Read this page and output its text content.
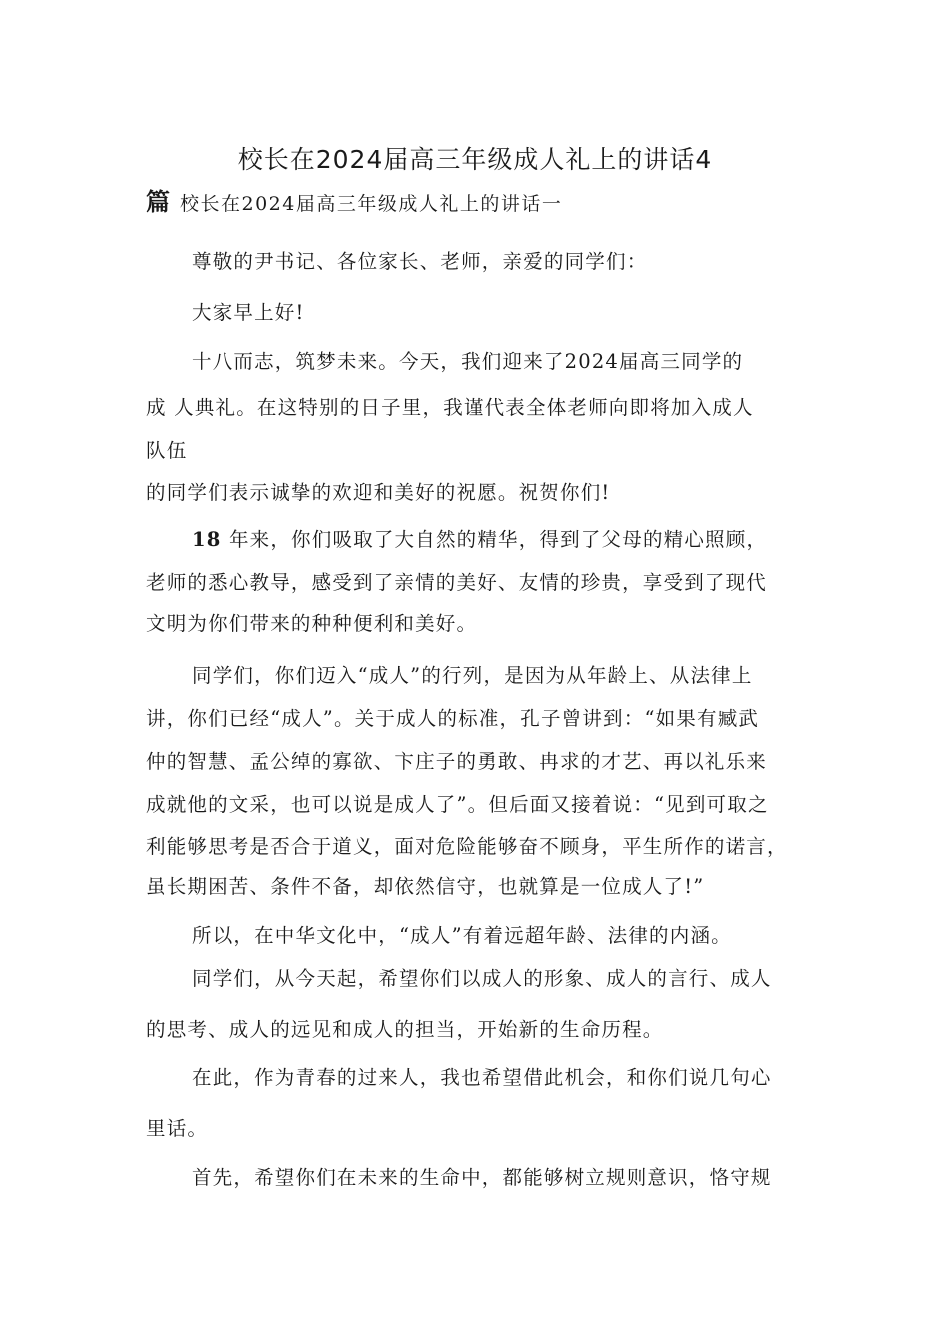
校长在2024届高三年级成人礼上的讲话4
篇 校长在2024届高三年级成人礼上的讲话一
尊敬的尹书记、各位家长、老师，亲爱的同学们：
大家早上好!
十八而志，筑梦未来。今天，我们迎来了2024届高三同学的
成 人典礼。在这特别的日子里，我谨代表全体老师向即将加入成人
队伍
的同学们表示诚挚的欢迎和美好的祝愿。祝贺你们!
18 年来，你们吸取了大自然的精华，得到了父母的精心照顾，
老师的悉心教导，感受到了亲情的美好、友情的珍贵，享受到了现代
文明为你们带来的种种便利和美好。
同学们，你们迈入“成人”的行列，是因为从年龄上、从法律上
讲，你们已经“成人”。关于成人的标准，孔子曾讲到：“如果有臧武
仲的智慧、孟公绰的寡欲、卞庄子的勇敢、冉求的才艺、再以礼乐来
成就他的文采，也可以说是成人了”。但后面又接着说：“见到可取之
利能够思考是否合于道义，面对危险能够奋不顾身，平生所作的诺言，
虽长期困苦、条件不备，却依然信守，也就算是一位成人了!”
所以，在中华文化中，“成人”有着远超年龄、法律的内涵。
同学们，从今天起，希望你们以成人的形象、成人的言行、成人
的思考、成人的远见和成人的担当，开始新的生命历程。
在此，作为青春的过来人，我也希望借此机会，和你们说几句心
里话。
首先，希望你们在未来的生命中，都能够树立规则意识，恪守规
